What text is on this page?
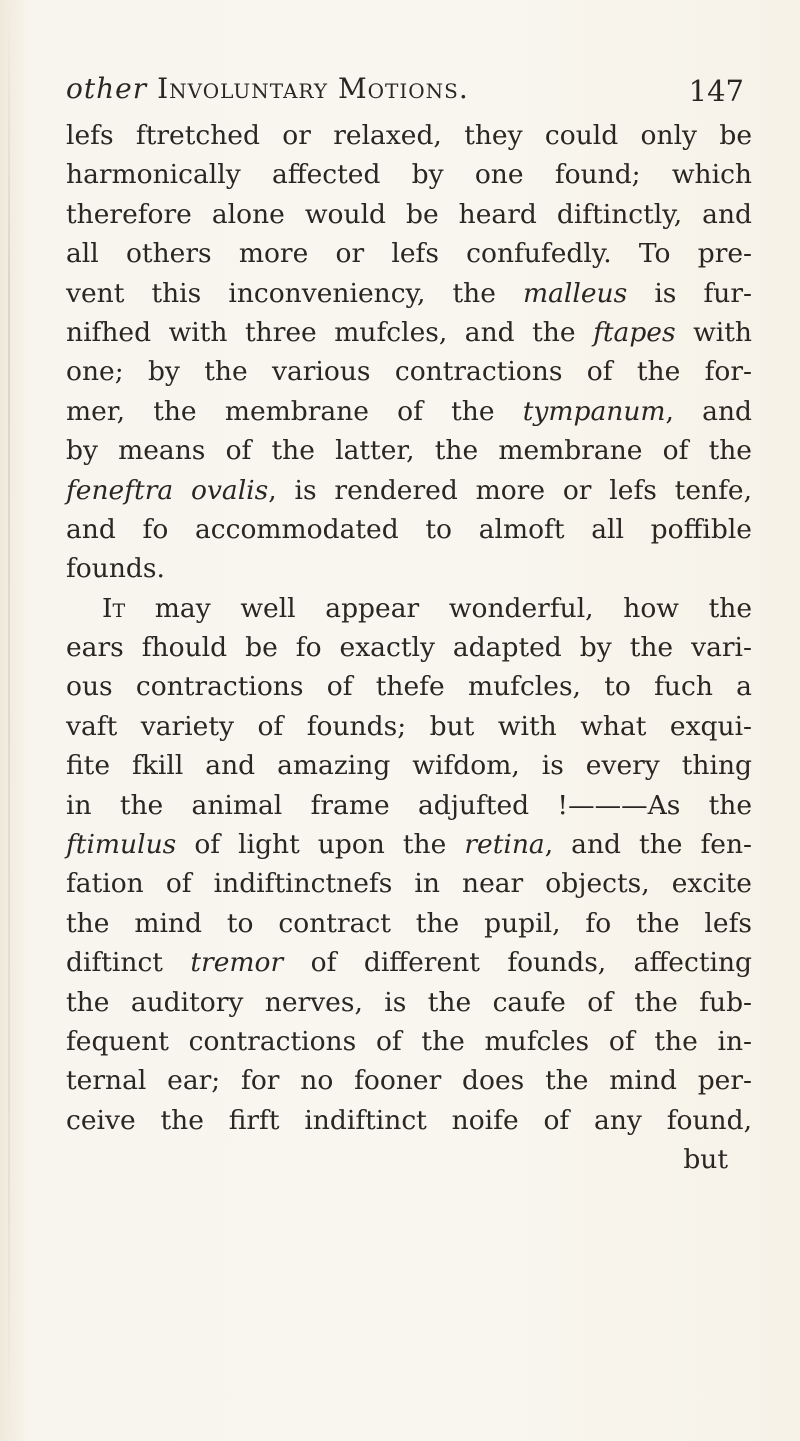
other Involuntary Motions.	147
lefs ftretched or relaxed, they could only be
harmonically affected by one found; which
therefore alone would be heard diftinctly, and
all others more or lefs confufedly. To pre-
vent this inconveniency, the malleus is fur-
nifhed with three mufcles, and the ftapes with
one; by the various contractions of the for-
mer, the membrane of the tympanum, and
by means of the latter, the membrane of the
feneftra ovalis, is rendered more or lefs tenfe,
and fo accommodated to almoft all poffible
founds.
It may well appear wonderful, how the
ears fhould be fo exactly adapted by the vari-
ous contractions of thefe mufcles, to fuch a
vaft variety of founds; but with what exqui-
fite fkill and amazing wifdom, is every thing
in the animal frame adjufted !———As the
ftimulus of light upon the retina, and the fen-
fation of indiftinctnefs in near objects, excite
the mind to contract the pupil, fo the lefs
diftinct tremor of different founds, affecting
the auditory nerves, is the caufe of the fub-
fequent contractions of the mufcles of the in-
ternal ear; for no fooner does the mind per-
ceive the firft indiftinct noife of any found,
but
